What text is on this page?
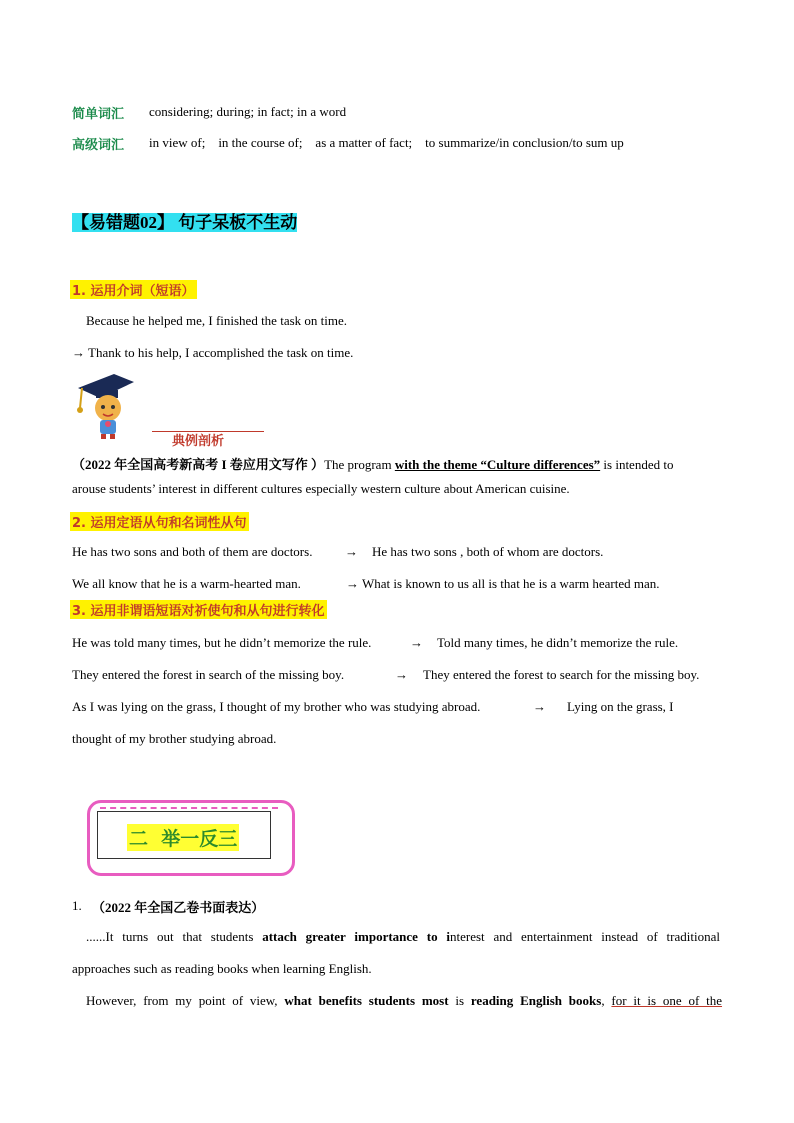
简单词汇 considering; during; in fact; in a word
高级词汇 in view of;    in the course of;    as a matter of fact;    to summarize/in conclusion/to sum up
【易错题02】 句子呆板不生动
1. 运用介词（短语）
Because he helped me, I finished the task on time.
→ Thank to his help, I accomplished the task on time.
典例剖析
（2022 年全国高考新高考 I 卷应用文写作 ）The program with the theme “Culture differences” is intended to
arouse students’ interest in different cultures especially western culture about American cuisine.
2. 运用定语从句和名词性从句
He has two sons and both of them are doctors.	→ He has two sons , both of whom are doctors.
We all know that he is a warm-hearted man.	→ What is known to us all is that he is a warm hearted man.
3. 运用非谓语短语对祈使句和从句进行转化
He was told many times, but he didn’t memorize the rule.	→ Told many times, he didn’t memorize the rule.
They entered the forest in search of the missing boy.	→ They entered the forest to search for the missing boy.
As I was lying on the grass, I thought of my brother who was studying abroad.	→ Lying on the grass, I
thought of my brother studying abroad.
二  举一反三
1. （2022 年全国乙卷书面表达）
......It turns out that students attach greater importance to interest and entertainment instead of traditional
approaches such as reading books when learning English.
However, from my point of view, what benefits students most is reading English books, for it is one of the
